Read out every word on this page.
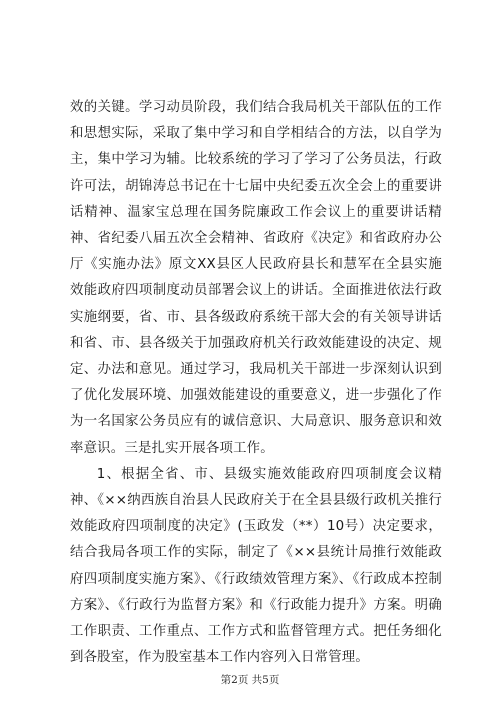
效的关键。学习动员阶段，我们结合我局机关干部队伍的工作和思想实际，采取了集中学习和自学相结合的方法，以自学为主，集中学习为辅。比较系统的学习了学习了公务员法，行政许可法，胡锦涛总书记在十七届中央纪委五次全会上的重要讲话精神、温家宝总理在国务院廉政工作会议上的重要讲话精神、省纪委八届五次全会精神、省政府《决定》和省政府办公厅《实施办法》原文XX县区人民政府县长和慧军在全县实施效能政府四项制度动员部署会议上的讲话。全面推进依法行政实施纲要，省、市、县各级政府系统干部大会的有关领导讲话和省、市、县各级关于加强政府机关行政效能建设的决定、规定、办法和意见。通过学习，我局机关干部进一步深刻认识到了优化发展环境、加强效能建设的重要意义，进一步强化了作为一名国家公务员应有的诚信意识、大局意识、服务意识和效率意识。三是扎实开展各项工作。

1、根据全省、市、县级实施效能政府四项制度会议精神、《××纳西族自治县人民政府关于在全县县级行政机关推行效能政府四项制度的决定》(玉政发（**）10号）决定要求，结合我局各项工作的实际，制定了《××县统计局推行效能政府四项制度实施方案》、《行政绩效管理方案》、《行政成本控制方案》、《行政行为监督方案》和《行政能力提升》方案。明确工作职责、工作重点、工作方式和监督管理方式。把任务细化到各股室，作为股室基本工作内容列入日常管理。

第2页 共5页
